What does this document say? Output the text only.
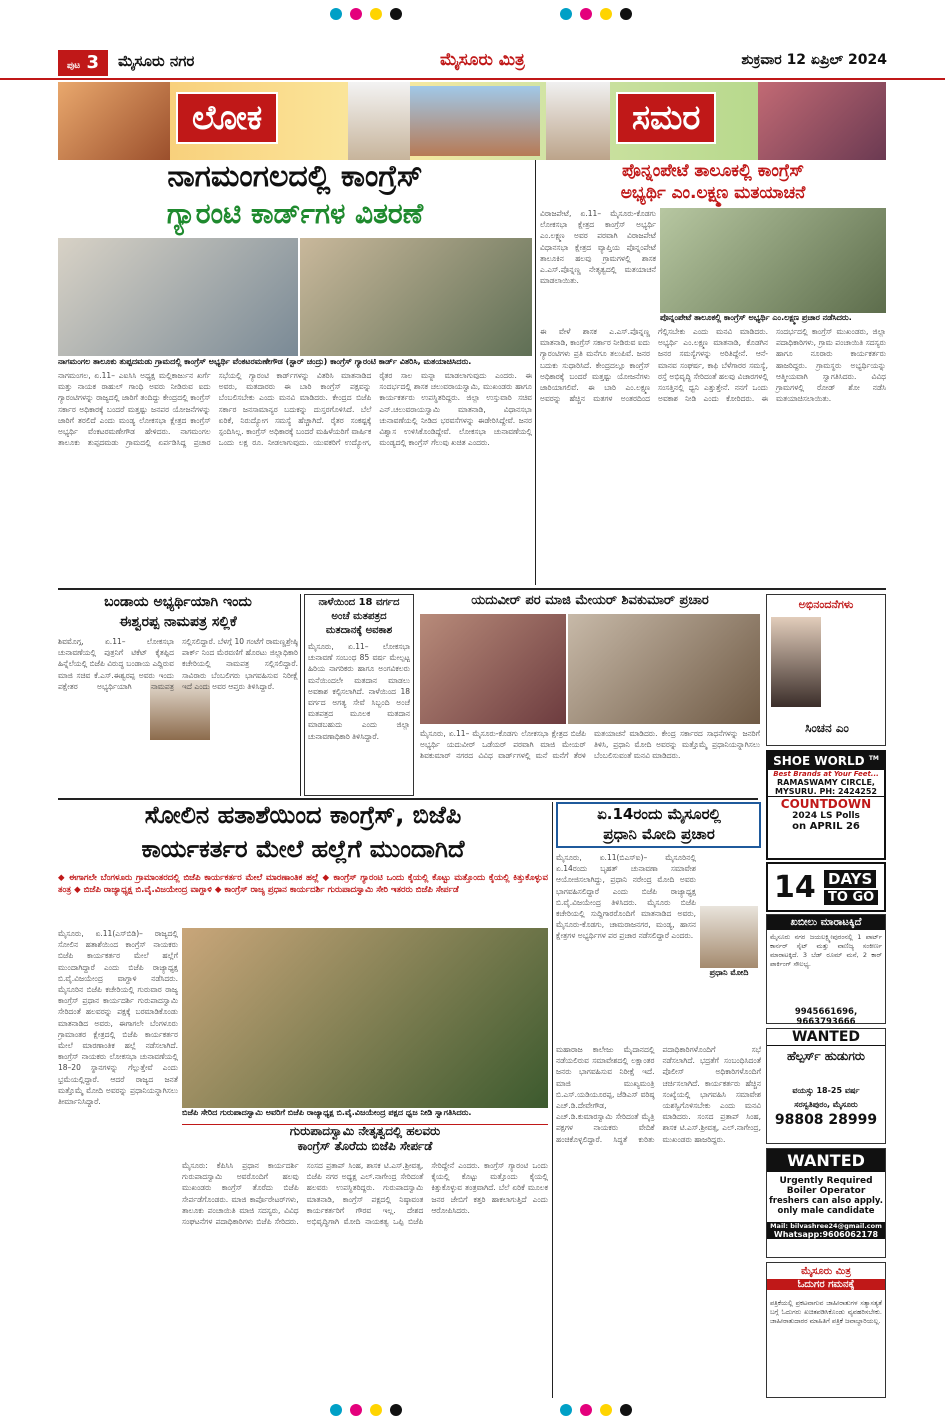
ಪುಟ 3	ಮೈಸೂರು ನಗರ	ಮೈಸೂರು ಮಿತ್ರ	ಶುಕ್ರವಾರ 12 ಏಪ್ರಿಲ್ 2024
ಲೋಕ	ಸಮರ
ನಾಗಮಂಗಲದಲ್ಲಿ ಕಾಂಗ್ರೆಸ್
ಗ್ಯಾರಂಟಿ ಕಾರ್ಡ್‌ಗಳ ವಿತರಣೆ
ನಾಗಮಂಗಲ ತಾಲೂಕು ತುಪ್ಪದಮಡು ಗ್ರಾಮದಲ್ಲಿ ಕಾಂಗ್ರೆಸ್ ಅಭ್ಯರ್ಥಿ ವೆಂಕಟರಮಣೇಗೌಡ (ಸ್ಟಾರ್ ಚಂದ್ರು) ಕಾಂಗ್ರೆಸ್ ಗ್ಯಾರಂಟಿ ಕಾರ್ಡ್ ವಿತರಿಸಿ, ಮತಯಾಚಿಸಿದರು.
ನಾಗಮಂಗಲ, ಏ.11– ಎಐಸಿಸಿ ಅಧ್ಯಕ್ಷ ಮಲ್ಲಿಕಾರ್ಜುನ ಖರ್ಗೆ ಮತ್ತು ನಾಯಕ ರಾಹುಲ್ ಗಾಂಧಿ ಅವರು ನೀಡಿರುವ ಐದು ಗ್ಯಾರಂಟಿಗಳನ್ನು ರಾಜ್ಯದಲ್ಲಿ ಜಾರಿಗೆ ತಂದಿದ್ದು ಕೇಂದ್ರದಲ್ಲಿ ಕಾಂಗ್ರೆಸ್ ಸರ್ಕಾರ ಅಧಿಕಾರಕ್ಕೆ ಬಂದರೆ ಮತ್ತಷ್ಟು ಜನಪರ ಯೋಜನೆಗಳನ್ನು ಜಾರಿಗೆ ತರಲಿದೆ ಎಂದು ಮಂಡ್ಯ ಲೋಕಸಭಾ ಕ್ಷೇತ್ರದ ಕಾಂಗ್ರೆಸ್ ಅಭ್ಯರ್ಥಿ ವೆಂಕಟರಮಣೇಗೌಡ ಹೇಳಿದರು. ನಾಗಮಂಗಲ ತಾಲೂಕು ತುಪ್ಪದಮಡು ಗ್ರಾಮದಲ್ಲಿ ಏರ್ಪಡಿಸಿದ್ದ ಪ್ರಚಾರ ಸಭೆಯಲ್ಲಿ ಗ್ಯಾರಂಟಿ ಕಾರ್ಡ್‌ಗಳನ್ನು ವಿತರಿಸಿ ಮಾತನಾಡಿದ ಅವರು, ಮತದಾರರು ಈ ಬಾರಿ ಕಾಂಗ್ರೆಸ್ ಪಕ್ಷವನ್ನು ಬೆಂಬಲಿಸಬೇಕು ಎಂದು ಮನವಿ ಮಾಡಿದರು. ಕೇಂದ್ರದ ಬಿಜೆಪಿ ಸರ್ಕಾರ ಜನಸಾಮಾನ್ಯರ ಬದುಕನ್ನು ದುಸ್ತರಗೊಳಿಸಿದೆ. ಬೆಲೆ ಏರಿಕೆ, ನಿರುದ್ಯೋಗ ಸಮಸ್ಯೆ ಹೆಚ್ಚಾಗಿದೆ. ರೈತರ ಸಂಕಷ್ಟಕ್ಕೆ ಸ್ಪಂದಿಸಿಲ್ಲ. ಕಾಂಗ್ರೆಸ್ ಅಧಿಕಾರಕ್ಕೆ ಬಂದರೆ ಮಹಿಳೆಯರಿಗೆ ವಾರ್ಷಿಕ ಒಂದು ಲಕ್ಷ ರೂ. ನೀಡಲಾಗುವುದು. ಯುವಕರಿಗೆ ಉದ್ಯೋಗ, ರೈತರ ಸಾಲ ಮನ್ನಾ ಮಾಡಲಾಗುವುದು ಎಂದರು. ಈ ಸಂದರ್ಭದಲ್ಲಿ ಶಾಸಕ ಚಲುವರಾಯಸ್ವಾಮಿ, ಮುಖಂಡರು ಹಾಗೂ ಕಾರ್ಯಕರ್ತರು ಉಪಸ್ಥಿತರಿದ್ದರು. ಜಿಲ್ಲಾ ಉಸ್ತುವಾರಿ ಸಚಿವ ಎನ್.ಚಲುವರಾಯಸ್ವಾಮಿ ಮಾತನಾಡಿ, ವಿಧಾನಸಭಾ ಚುನಾವಣೆಯಲ್ಲಿ ನೀಡಿದ ಭರವಸೆಗಳನ್ನು ಈಡೇರಿಸಿದ್ದೇವೆ. ಜನರ ವಿಶ್ವಾಸ ಉಳಿಸಿಕೊಂಡಿದ್ದೇವೆ. ಲೋಕಸಭಾ ಚುನಾವಣೆಯಲ್ಲಿ ಮಂಡ್ಯದಲ್ಲಿ ಕಾಂಗ್ರೆಸ್ ಗೆಲುವು ಖಚಿತ ಎಂದರು.
ಪೊನ್ನಂಪೇಟೆ ತಾಲೂಕಲ್ಲಿ ಕಾಂಗ್ರೆಸ್
ಅಭ್ಯರ್ಥಿ ಎಂ.ಲಕ್ಷ್ಮಣ ಮತಯಾಚನೆ
ವಿರಾಜಪೇಟೆ, ಏ.11– ಮೈಸೂರು-ಕೊಡಗು ಲೋಕಸಭಾ ಕ್ಷೇತ್ರದ ಕಾಂಗ್ರೆಸ್ ಅಭ್ಯರ್ಥಿ ಎಂ.ಲಕ್ಷ್ಮಣ ಅವರ ಪರವಾಗಿ ವಿರಾಜಪೇಟೆ ವಿಧಾನಸಭಾ ಕ್ಷೇತ್ರದ ವ್ಯಾಪ್ತಿಯ ಪೊನ್ನಂಪೇಟೆ ತಾಲೂಕಿನ ಹಲವು ಗ್ರಾಮಗಳಲ್ಲಿ ಶಾಸಕ ಎ.ಎಸ್.ಪೊನ್ನಣ್ಣ ನೇತೃತ್ವದಲ್ಲಿ ಮತಯಾಚನೆ ಮಾಡಲಾಯಿತು.
ಪೊನ್ನಂಪೇಟೆ ತಾಲೂಕಲ್ಲಿ ಕಾಂಗ್ರೆಸ್ ಅಭ್ಯರ್ಥಿ ಎಂ.ಲಕ್ಷ್ಮಣ ಪ್ರಚಾರ ನಡೆಸಿದರು.
ಈ ವೇಳೆ ಶಾಸಕ ಎ.ಎಸ್.ಪೊನ್ನಣ್ಣ ಮಾತನಾಡಿ, ಕಾಂಗ್ರೆಸ್ ಸರ್ಕಾರ ನೀಡಿರುವ ಐದು ಗ್ಯಾರಂಟಿಗಳು ಪ್ರತಿ ಮನೆಗೂ ತಲುಪಿವೆ. ಜನರ ಬದುಕು ಸುಧಾರಿಸಿದೆ. ಕೇಂದ್ರದಲ್ಲೂ ಕಾಂಗ್ರೆಸ್ ಅಧಿಕಾರಕ್ಕೆ ಬಂದರೆ ಮತ್ತಷ್ಟು ಯೋಜನೆಗಳು ಜಾರಿಯಾಗಲಿವೆ. ಈ ಬಾರಿ ಎಂ.ಲಕ್ಷ್ಮಣ ಅವರನ್ನು ಹೆಚ್ಚಿನ ಮತಗಳ ಅಂತರದಿಂದ ಗೆಲ್ಲಿಸಬೇಕು ಎಂದು ಮನವಿ ಮಾಡಿದರು. ಅಭ್ಯರ್ಥಿ ಎಂ.ಲಕ್ಷ್ಮಣ ಮಾತನಾಡಿ, ಕೊಡಗಿನ ಜನರ ಸಮಸ್ಯೆಗಳನ್ನು ಅರಿತಿದ್ದೇನೆ. ಆನೆ-ಮಾನವ ಸಂಘರ್ಷ, ಕಾಫಿ ಬೆಳೆಗಾರರ ಸಮಸ್ಯೆ, ರಸ್ತೆ ಅಭಿವೃದ್ಧಿ ಸೇರಿದಂತೆ ಹಲವು ವಿಚಾರಗಳಲ್ಲಿ ಸಂಸತ್ತಿನಲ್ಲಿ ಧ್ವನಿ ಎತ್ತುತ್ತೇನೆ. ನನಗೆ ಒಂದು ಅವಕಾಶ ನೀಡಿ ಎಂದು ಕೋರಿದರು. ಈ ಸಂದರ್ಭದಲ್ಲಿ ಕಾಂಗ್ರೆಸ್ ಮುಖಂಡರು, ಜಿಲ್ಲಾ ಪದಾಧಿಕಾರಿಗಳು, ಗ್ರಾಮ ಪಂಚಾಯಿತಿ ಸದಸ್ಯರು ಹಾಗೂ ನೂರಾರು ಕಾರ್ಯಕರ್ತರು ಹಾಜರಿದ್ದರು. ಗ್ರಾಮಸ್ಥರು ಅಭ್ಯರ್ಥಿಯನ್ನು ಆತ್ಮೀಯವಾಗಿ ಸ್ವಾಗತಿಸಿದರು. ವಿವಿಧ ಗ್ರಾಮಗಳಲ್ಲಿ ರೋಡ್ ಶೋ ನಡೆಸಿ ಮತಯಾಚಿಸಲಾಯಿತು.
ಬಂಡಾಯ ಅಭ್ಯರ್ಥಿಯಾಗಿ ಇಂದು
ಈಶ್ವರಪ್ಪ ನಾಮಪತ್ರ ಸಲ್ಲಿಕೆ
ಶಿವಮೊಗ್ಗ, ಏ.11– ಲೋಕಸಭಾ ಚುನಾವಣೆಯಲ್ಲಿ ಪುತ್ರನಿಗೆ ಟಿಕೆಟ್ ಕೈತಪ್ಪಿದ ಹಿನ್ನೆಲೆಯಲ್ಲಿ ಬಿಜೆಪಿ ವಿರುದ್ಧ ಬಂಡಾಯ ಎದ್ದಿರುವ ಮಾಜಿ ಸಚಿವ ಕೆ.ಎಸ್.ಈಶ್ವರಪ್ಪ ಅವರು ಇಂದು ಪಕ್ಷೇತರ ಅಭ್ಯರ್ಥಿಯಾಗಿ ನಾಮಪತ್ರ ಸಲ್ಲಿಸಲಿದ್ದಾರೆ. ಬೆಳಗ್ಗೆ 10 ಗಂಟೆಗೆ ರಾಮಣ್ಣಶ್ರೇಷ್ಠಿ ಪಾರ್ಕ್ ನಿಂದ ಮೆರವಣಿಗೆ ಹೊರಟು ಜಿಲ್ಲಾಧಿಕಾರಿ ಕಚೇರಿಯಲ್ಲಿ ನಾಮಪತ್ರ ಸಲ್ಲಿಸಲಿದ್ದಾರೆ. ಸಾವಿರಾರು ಬೆಂಬಲಿಗರು ಭಾಗವಹಿಸುವ ನಿರೀಕ್ಷೆ ಇದೆ ಎಂದು ಅವರ ಆಪ್ತರು ತಿಳಿಸಿದ್ದಾರೆ.
ನಾಳೆಯಿಂದ 18 ವರ್ಗದ
ಅಂಚೆ ಮತಪತ್ರದ
ಮತದಾನಕ್ಕೆ ಅವಕಾಶ
ಮೈಸೂರು, ಏ.11– ಲೋಕಸಭಾ ಚುನಾವಣೆ ಸಂಬಂಧ 85 ವರ್ಷ ಮೇಲ್ಪಟ್ಟ ಹಿರಿಯ ನಾಗರಿಕರು ಹಾಗೂ ಅಂಗವಿಕಲರು ಮನೆಯಿಂದಲೇ ಮತದಾನ ಮಾಡಲು ಅವಕಾಶ ಕಲ್ಪಿಸಲಾಗಿದೆ. ನಾಳೆಯಿಂದ 18 ವರ್ಗದ ಅಗತ್ಯ ಸೇವೆ ಸಿಬ್ಬಂದಿ ಅಂಚೆ ಮತಪತ್ರದ ಮೂಲಕ ಮತದಾನ ಮಾಡಬಹುದು ಎಂದು ಜಿಲ್ಲಾ ಚುನಾವಣಾಧಿಕಾರಿ ತಿಳಿಸಿದ್ದಾರೆ.
ಯದುವೀರ್ ಪರ ಮಾಜಿ ಮೇಯರ್ ಶಿವಕುಮಾರ್ ಪ್ರಚಾರ
ಮೈಸೂರು, ಏ.11– ಮೈಸೂರು-ಕೊಡಗು ಲೋಕಸಭಾ ಕ್ಷೇತ್ರದ ಬಿಜೆಪಿ ಅಭ್ಯರ್ಥಿ ಯದುವೀರ್ ಒಡೆಯರ್ ಪರವಾಗಿ ಮಾಜಿ ಮೇಯರ್ ಶಿವಕುಮಾರ್ ನಗರದ ವಿವಿಧ ವಾರ್ಡ್‌ಗಳಲ್ಲಿ ಮನೆ ಮನೆಗೆ ತೆರಳಿ ಮತಯಾಚನೆ ಮಾಡಿದರು. ಕೇಂದ್ರ ಸರ್ಕಾರದ ಸಾಧನೆಗಳನ್ನು ಜನರಿಗೆ ತಿಳಿಸಿ, ಪ್ರಧಾನಿ ಮೋದಿ ಅವರನ್ನು ಮತ್ತೊಮ್ಮೆ ಪ್ರಧಾನಿಯನ್ನಾಗಿಸಲು ಬೆಂಬಲಿಸುವಂತೆ ಮನವಿ ಮಾಡಿದರು.
ಅಭಿನಂದನೆಗಳು
ಸಿಂಚನ ಎಂ
SHOE WORLD ™
Best Brands at Your Feet...
RAMASWAMY CIRCLE,
MYSURU. PH: 2424252
COUNTDOWN
2024 LS Polls
on APRIL 26
14 DAYS
TO GO
ಸೋಲಿನ ಹತಾಶೆಯಿಂದ ಕಾಂಗ್ರೆಸ್, ಬಿಜೆಪಿ
ಕಾರ್ಯಕರ್ತರ ಮೇಲೆ ಹಲ್ಲೆಗೆ ಮುಂದಾಗಿದೆ
◆ ಈಗಾಗಲೇ ಬೆಂಗಳೂರು ಗ್ರಾಮಾಂತರದಲ್ಲಿ ಬಿಜೆಪಿ ಕಾರ್ಯಕರ್ತರ ಮೇಲೆ ಮಾರಣಾಂತಿಕ ಹಲ್ಲೆ ◆ ಕಾಂಗ್ರೆಸ್ ಗ್ಯಾರಂಟಿ ಒಂದು ಕೈಯಲ್ಲಿ ಕೊಟ್ಟು ಮತ್ತೊಂದು ಕೈಯಲ್ಲಿ ಕಿತ್ತುಕೊಳ್ಳುವ ತಂತ್ರ ◆ ಬಿಜೆಪಿ ರಾಜ್ಯಾಧ್ಯಕ್ಷ ಬಿ.ವೈ.ವಿಜಯೇಂದ್ರ ವಾಗ್ದಾಳಿ ◆ ಕಾಂಗ್ರೆಸ್ ರಾಜ್ಯ ಪ್ರಧಾನ ಕಾರ್ಯದರ್ಶಿ ಗುರುಪಾದಸ್ವಾಮಿ ಸೇರಿ ಇತರರು ಬಿಜೆಪಿ ಸೇರ್ಪಡೆ
ಮೈಸೂರು, ಏ.11(ಎಸ್‌ಬಿಡಿ)– ರಾಜ್ಯದಲ್ಲಿ ಸೋಲಿನ ಹತಾಶೆಯಿಂದ ಕಾಂಗ್ರೆಸ್ ನಾಯಕರು ಬಿಜೆಪಿ ಕಾರ್ಯಕರ್ತರ ಮೇಲೆ ಹಲ್ಲೆಗೆ ಮುಂದಾಗಿದ್ದಾರೆ ಎಂದು ಬಿಜೆಪಿ ರಾಜ್ಯಾಧ್ಯಕ್ಷ ಬಿ.ವೈ.ವಿಜಯೇಂದ್ರ ವಾಗ್ದಾಳಿ ನಡೆಸಿದರು. ಮೈಸೂರಿನ ಬಿಜೆಪಿ ಕಚೇರಿಯಲ್ಲಿ ಗುರುವಾರ ರಾಜ್ಯ ಕಾಂಗ್ರೆಸ್ ಪ್ರಧಾನ ಕಾರ್ಯದರ್ಶಿ ಗುರುಪಾದಸ್ವಾಮಿ ಸೇರಿದಂತೆ ಹಲವರನ್ನು ಪಕ್ಷಕ್ಕೆ ಬರಮಾಡಿಕೊಂಡು ಮಾತನಾಡಿದ ಅವರು, ಈಗಾಗಲೇ ಬೆಂಗಳೂರು ಗ್ರಾಮಾಂತರ ಕ್ಷೇತ್ರದಲ್ಲಿ ಬಿಜೆಪಿ ಕಾರ್ಯಕರ್ತರ ಮೇಲೆ ಮಾರಣಾಂತಿಕ ಹಲ್ಲೆ ನಡೆಸಲಾಗಿದೆ. ಕಾಂಗ್ರೆಸ್ ನಾಯಕರು ಲೋಕಸಭಾ ಚುನಾವಣೆಯಲ್ಲಿ 18–20 ಸ್ಥಾನಗಳನ್ನು ಗೆಲ್ಲುತ್ತೇವೆ ಎಂದು ಭ್ರಮೆಯಲ್ಲಿದ್ದಾರೆ. ಆದರೆ ರಾಜ್ಯದ ಜನತೆ ಮತ್ತೊಮ್ಮೆ ಮೋದಿ ಅವರನ್ನು ಪ್ರಧಾನಿಯನ್ನಾಗಿಸಲು ತೀರ್ಮಾನಿಸಿದ್ದಾರೆ.
ಬಿಜೆಪಿ ಸೇರಿದ ಗುರುಪಾದಸ್ವಾಮಿ ಅವರಿಗೆ ಬಿಜೆಪಿ ರಾಜ್ಯಾಧ್ಯಕ್ಷ ಬಿ.ವೈ.ವಿಜಯೇಂದ್ರ ಪಕ್ಷದ ಧ್ವಜ ನೀಡಿ ಸ್ವಾಗತಿಸಿದರು.
ಗುರುಪಾದಸ್ವಾಮಿ ನೇತೃತ್ವದಲ್ಲಿ ಹಲವರು
ಕಾಂಗ್ರೆಸ್ ತೊರೆದು ಬಿಜೆಪಿ ಸೇರ್ಪಡೆ
ಮೈಸೂರು: ಕೆಪಿಸಿಸಿ ಪ್ರಧಾನ ಕಾರ್ಯದರ್ಶಿ ಗುರುಪಾದಸ್ವಾಮಿ ಅವರೊಂದಿಗೆ ಹಲವು ಮುಖಂಡರು ಕಾಂಗ್ರೆಸ್ ತೊರೆದು ಬಿಜೆಪಿ ಸೇರ್ಪಡೆಗೊಂಡರು. ಮಾಜಿ ಕಾರ್ಪೊರೇಟರ್‌ಗಳು, ತಾಲೂಕು ಪಂಚಾಯಿತಿ ಮಾಜಿ ಸದಸ್ಯರು, ವಿವಿಧ ಸಂಘಟನೆಗಳ ಪದಾಧಿಕಾರಿಗಳು ಬಿಜೆಪಿ ಸೇರಿದರು. ಸಂಸದ ಪ್ರತಾಪ್ ಸಿಂಹ, ಶಾಸಕ ಟಿ.ಎಸ್.ಶ್ರೀವತ್ಸ, ಬಿಜೆಪಿ ನಗರ ಅಧ್ಯಕ್ಷ ಎಲ್.ನಾಗೇಂದ್ರ ಸೇರಿದಂತೆ ಹಲವರು ಉಪಸ್ಥಿತರಿದ್ದರು. ಗುರುಪಾದಸ್ವಾಮಿ ಮಾತನಾಡಿ, ಕಾಂಗ್ರೆಸ್ ಪಕ್ಷದಲ್ಲಿ ನಿಷ್ಠಾವಂತ ಕಾರ್ಯಕರ್ತರಿಗೆ ಗೌರವ ಇಲ್ಲ. ದೇಶದ ಅಭಿವೃದ್ಧಿಗಾಗಿ ಮೋದಿ ನಾಯಕತ್ವ ಒಪ್ಪಿ ಬಿಜೆಪಿ ಸೇರಿದ್ದೇನೆ ಎಂದರು. ಕಾಂಗ್ರೆಸ್ ಗ್ಯಾರಂಟಿ ಒಂದು ಕೈಯಲ್ಲಿ ಕೊಟ್ಟು ಮತ್ತೊಂದು ಕೈಯಲ್ಲಿ ಕಿತ್ತುಕೊಳ್ಳುವ ತಂತ್ರವಾಗಿದೆ. ಬೆಲೆ ಏರಿಕೆ ಮೂಲಕ ಜನರ ಜೇಬಿಗೆ ಕತ್ತರಿ ಹಾಕಲಾಗುತ್ತಿದೆ ಎಂದು ಆರೋಪಿಸಿದರು.
ಏ.14ರಂದು ಮೈಸೂರಲ್ಲಿ
ಪ್ರಧಾನಿ ಮೋದಿ ಪ್ರಚಾರ
ಪ್ರಧಾನಿ ಮೋದಿ
ಮೈಸೂರು, ಏ.11(ಬಿಎಸ್‌ಐ)– ಮೈಸೂರಿನಲ್ಲಿ ಏ.14ರಂದು ಬೃಹತ್ ಚುನಾವಣಾ ಸಮಾವೇಶ ಆಯೋಜಿಸಲಾಗಿದ್ದು, ಪ್ರಧಾನಿ ನರೇಂದ್ರ ಮೋದಿ ಅವರು ಭಾಗವಹಿಸಲಿದ್ದಾರೆ ಎಂದು ಬಿಜೆಪಿ ರಾಜ್ಯಾಧ್ಯಕ್ಷ ಬಿ.ವೈ.ವಿಜಯೇಂದ್ರ ತಿಳಿಸಿದರು. ಮೈಸೂರು ಬಿಜೆಪಿ ಕಚೇರಿಯಲ್ಲಿ ಸುದ್ದಿಗಾರರೊಂದಿಗೆ ಮಾತನಾಡಿದ ಅವರು, ಮೈಸೂರು-ಕೊಡಗು, ಚಾಮರಾಜನಗರ, ಮಂಡ್ಯ, ಹಾಸನ ಕ್ಷೇತ್ರಗಳ ಅಭ್ಯರ್ಥಿಗಳ ಪರ ಪ್ರಚಾರ ನಡೆಸಲಿದ್ದಾರೆ ಎಂದರು.
ಮಹಾರಾಜ ಕಾಲೇಜು ಮೈದಾನದಲ್ಲಿ ನಡೆಯಲಿರುವ ಸಮಾವೇಶದಲ್ಲಿ ಲಕ್ಷಾಂತರ ಜನರು ಭಾಗವಹಿಸುವ ನಿರೀಕ್ಷೆ ಇದೆ. ಮಾಜಿ ಮುಖ್ಯಮಂತ್ರಿ ಬಿ.ಎಸ್.ಯಡಿಯೂರಪ್ಪ, ಜೆಡಿಎಸ್ ವರಿಷ್ಠ ಎಚ್.ಡಿ.ದೇವೇಗೌಡ, ಎಚ್.ಡಿ.ಕುಮಾರಸ್ವಾಮಿ ಸೇರಿದಂತೆ ಮೈತ್ರಿ ಪಕ್ಷಗಳ ನಾಯಕರು ವೇದಿಕೆ ಹಂಚಿಕೊಳ್ಳಲಿದ್ದಾರೆ. ಸಿದ್ಧತೆ ಕುರಿತು ಪದಾಧಿಕಾರಿಗಳೊಂದಿಗೆ ಸಭೆ ನಡೆಸಲಾಗಿದೆ. ಭದ್ರತೆಗೆ ಸಂಬಂಧಿಸಿದಂತೆ ಪೊಲೀಸ್ ಅಧಿಕಾರಿಗಳೊಂದಿಗೆ ಚರ್ಚಿಸಲಾಗಿದೆ. ಕಾರ್ಯಕರ್ತರು ಹೆಚ್ಚಿನ ಸಂಖ್ಯೆಯಲ್ಲಿ ಭಾಗವಹಿಸಿ ಸಮಾವೇಶ ಯಶಸ್ವಿಗೊಳಿಸಬೇಕು ಎಂದು ಮನವಿ ಮಾಡಿದರು. ಸಂಸದ ಪ್ರತಾಪ್ ಸಿಂಹ, ಶಾಸಕ ಟಿ.ಎಸ್.ಶ್ರೀವತ್ಸ, ಎಲ್.ನಾಗೇಂದ್ರ, ಮುಖಂಡರು ಹಾಜರಿದ್ದರು.
ಖಬೀಲು ಮಾರಾಟಕ್ಕಿದೆ
ಮೈಸೂರು ನಗರ ಜಯಲಕ್ಷ್ಮೀಪುರಂನಲ್ಲಿ 1 ಪಾರ್ಟ್ ಕಾರ್ನರ್ ಸೈಟ್ ಮತ್ತು ವಾಣಿಜ್ಯ ಸಂಕೀರ್ಣ ಮಾರಾಟಕ್ಕಿದೆ. 3 ಬೆಡ್ ರೂಮ್ ಮನೆ, 2 ಕಾರ್ ಪಾರ್ಕಿಂಗ್ ಸೌಲಭ್ಯ.
9945661696, 9663793666
WANTED
ಹೆಲ್ಪರ್ಸ್ ಹುಡುಗರು
ವಯಸ್ಸು 18-25 ವರ್ಷ
ಸರಸ್ವತಿಪುರಂ, ಮೈಸೂರು
98808 28999
WANTED
Urgently Required
Boiler Operator
freshers can also apply.
only male candidate
Mail: bilvashree24@gmail.com
Whatsapp:9606062178
ಮೈಸೂರು ಮಿತ್ರ
ಓದುಗರ ಗಮನಕ್ಕೆ
ಪತ್ರಿಕೆಯಲ್ಲಿ ಪ್ರಕಟವಾಗುವ ಜಾಹೀರಾತುಗಳ ಸತ್ಯಾಸತ್ಯತೆ ಬಗ್ಗೆ ಓದುಗರು ಖಚಿತಪಡಿಸಿಕೊಂಡು ವ್ಯವಹರಿಸಬೇಕು. ಜಾಹೀರಾತುದಾರರ ಮಾಹಿತಿಗೆ ಪತ್ರಿಕೆ ಜವಾಬ್ದಾರಿಯಲ್ಲ.
